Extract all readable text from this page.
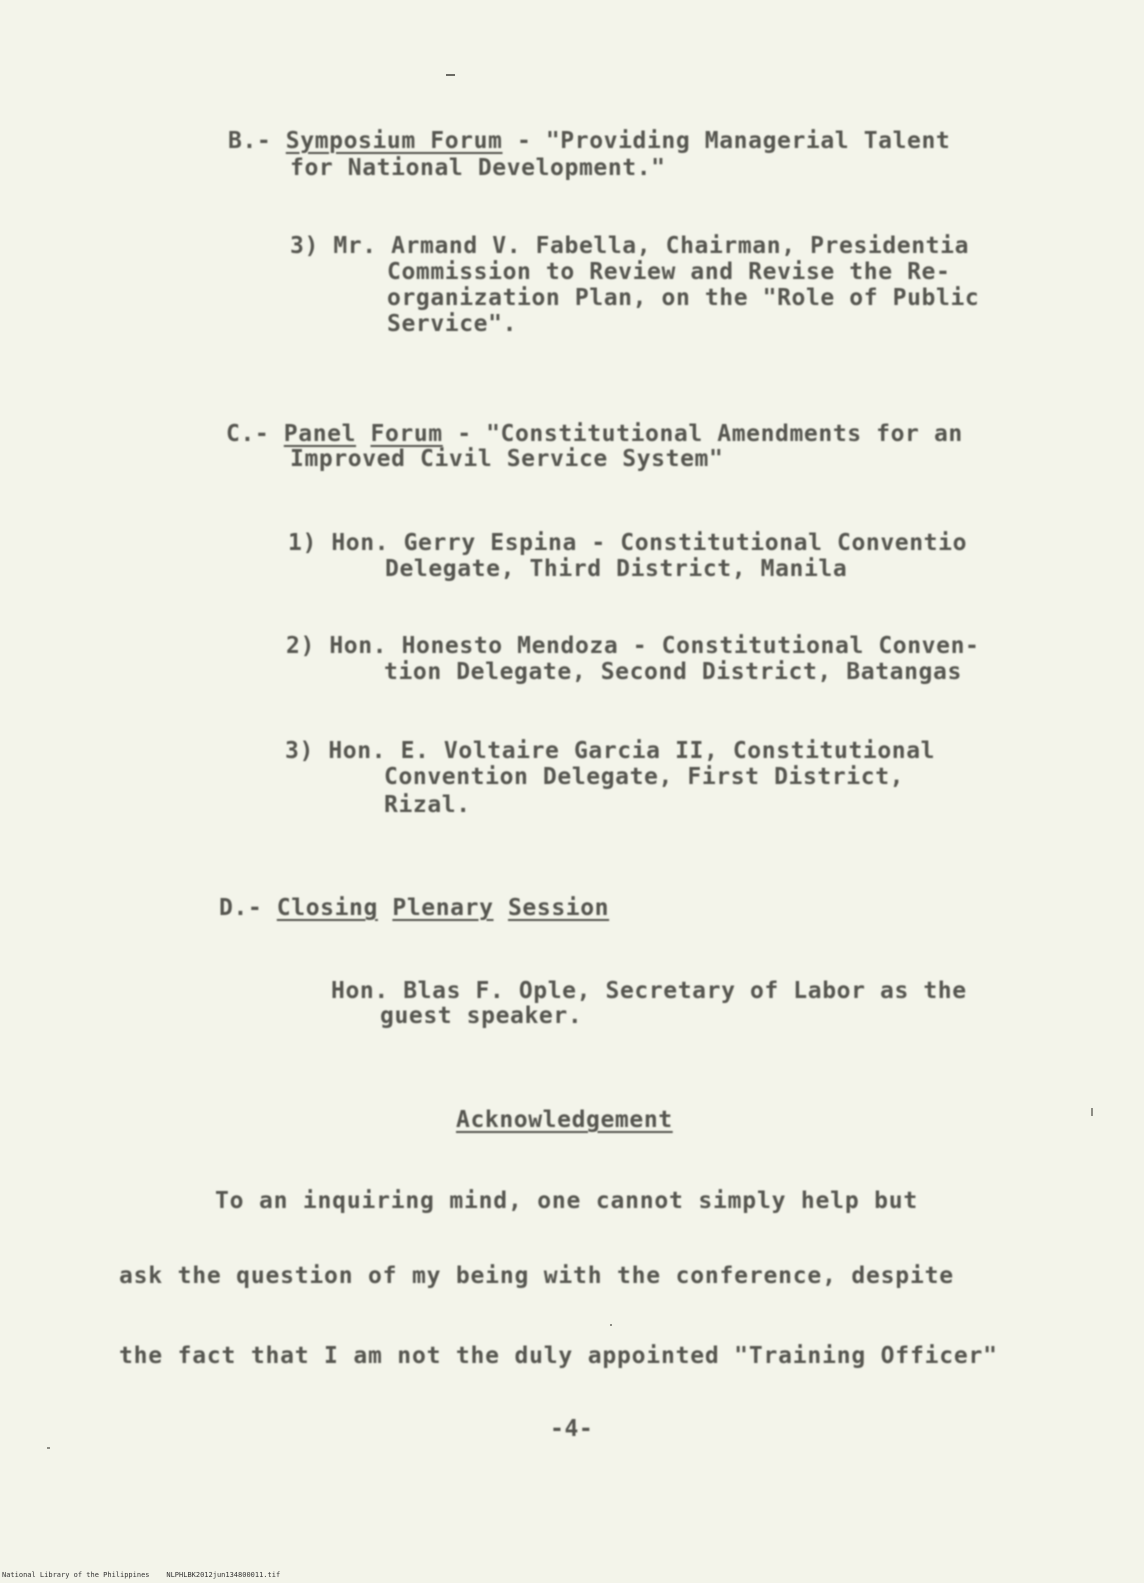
B.- Symposium Forum - "Providing Managerial Talent
for National Development."
3) Mr. Armand V. Fabella, Chairman, Presidentia
Commission to Review and Revise the Re-
organization Plan, on the "Role of Public
Service".
C.- Panel Forum - "Constitutional Amendments for an
Improved Civil Service System"
1) Hon. Gerry Espina - Constitutional Conventio
Delegate, Third District, Manila
2) Hon. Honesto Mendoza - Constitutional Conven-
tion Delegate, Second District, Batangas
3) Hon. E. Voltaire Garcia II, Constitutional
Convention Delegate, First District,
Rizal.
D.- Closing Plenary Session
Hon. Blas F. Ople, Secretary of Labor as the
guest speaker.
Acknowledgement
To an inquiring mind, one cannot simply help but
ask the question of my being with the conference, despite
the fact that I am not the duly appointed "Training Officer"
-4-
National Library of the Philippines NLPHLBK2012jun134800011.tif
